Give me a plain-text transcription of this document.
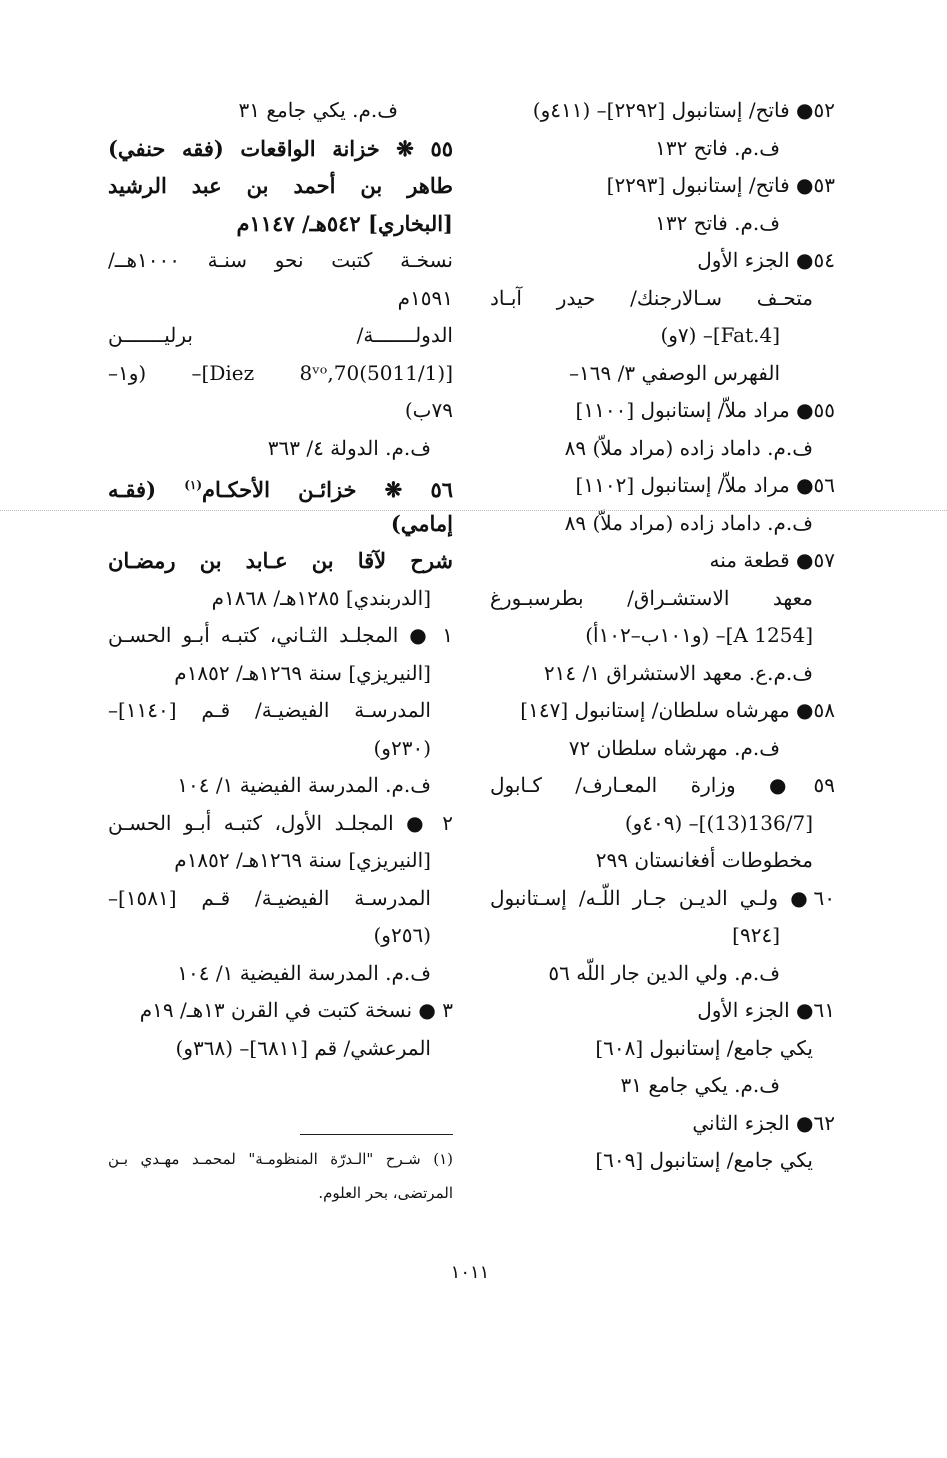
٥٢● فاتح/ إستانبول [٢٢٩٢]– (٤١١و)
ف.م. فاتح ١٣٢
٥٣● فاتح/ إستانبول [٢٢٩٣]
ف.م. فاتح ١٣٢
٥٤● الجزء الأول
متحـف سـالارجنك/ حيدر آبـاد
[Fat.4]– (٧و)
الفهرس الوصفي ٣/ ١٦٩–
٥٥● مراد ملاّ/ إستانبول [١١٠٠]
ف.م. داماد زاده (مراد ملاّ) ٨٩
٥٦● مراد ملاّ/ إستانبول [١١٠٢]
ف.م. داماد زاده (مراد ملاّ) ٨٩
٥٧● قطعة منه
معهد الاستشـراق/ بطرسبـورغ
[A 1254]– (و١٠١ب–١٠٢أ)
ف.م.ع. معهد الاستشراق ١/ ٢١٤
٥٨● مهرشاه سلطان/ إستانبول [١٤٧]
ف.م. مهرشاه سلطان ٧٢
٥٩● وزارة المعـارف/ كـابول
[136/7(13)]– (٤٠٩و)
مخطوطات أفغانستان ٢٩٩
٦٠● ولـي الديـن جـار اللّـه/ إسـتانبول
[٩٢٤]
ف.م. ولي الدين جار اللّه ٥٦
٦١● الجزء الأول
يكي جامع/ إستانبول [٦٠٨]
ف.م. يكي جامع ٣١
٦٢● الجزء الثاني
يكي جامع/ إستانبول [٦٠٩]
ف.م. يكي جامع ٣١
٥٥ ❋ خزانة الواقعات (فقه حنفي)
طاهر بن أحمد بن عبد الرشيد
[البخاري] ٥٤٢هـ/ ١١٤٧م
نسخـة كتبت نحو سنـة ١٠٠٠هــ/
١٥٩١م
الدولـــــــة/ برليـــــــن
[Diez 8ᵛᵒ,70(5011/1)]– (و١–
٧٩ب)
ف.م. الدولة ٤/ ٣٦٣
٥٦ ❋ خزائـن الأحكـام$^{(١)}$ (فقـه
إمامي)
شرح لآقا بن عـابد بن رمضـان
[الدربندي] ١٢٨٥هـ/ ١٨٦٨م
١ ● المجلـد الثـاني، كتبـه أبـو الحسـن
[النيريزي] سنة ١٢٦٩هـ/ ١٨٥٢م
المدرسـة الفيضيـة/ قـم [١١٤٠]–
(٢٣٠و)
ف.م. المدرسة الفيضية ١/ ١٠٤
٢ ● المجلـد الأول، كتبـه أبـو الحسـن
[النيريزي] سنة ١٢٦٩هـ/ ١٨٥٢م
المدرسـة الفيضيـة/ قـم [١٥٨١]–
(٢٥٦و)
ف.م. المدرسة الفيضية ١/ ١٠٤
٣ ● نسخة كتبت في القرن ١٣هـ/ ١٩م
المرعشي/ قم [٦٨١١]– (٣٦٨و)
(١) شـرح "الـدرّة المنظومـة" لمحمـد مهـدي بـن المرتضى، بحر العلوم.
١٠١١
